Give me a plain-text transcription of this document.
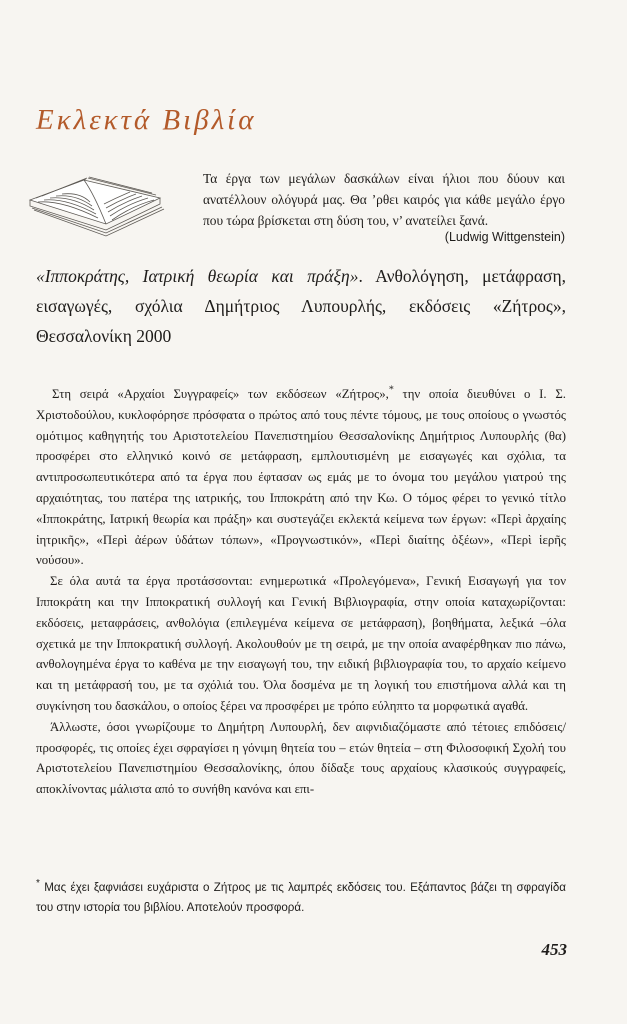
Εκλεκτά Βιβλία

Τα έργα των μεγάλων δασκάλων είναι ήλιοι που δύουν και ανατέλλουν ολόγυρά μας. Θα ’ρθει καιρός για κάθε μεγάλο έργο που τώρα βρίσκεται στη δύση του, ν’ ανατείλει ξανά.

(Ludwig Wittgenstein)

«Ιπποκράτης, Ιατρική θεωρία και πράξη». Ανθολόγηση, μετάφραση, εισαγωγές, σχόλια Δημήτριος Λυπουρλής, εκδόσεις «Ζήτρος», Θεσσαλονίκη 2000

Στη σειρά «Αρχαίοι Συγγραφείς» των εκδόσεων «Ζήτρος»,* την οποία διευθύνει ο Ι. Σ. Χριστοδούλου, κυκλοφόρησε πρόσφατα ο πρώτος από τους πέντε τόμους, με τους οποίους ο γνωστός ομότιμος καθηγητής του Αριστοτελείου Πανεπιστημίου Θεσσαλονίκης Δημήτριος Λυπουρλής (θα) προσφέρει στο ελληνικό κοινό σε μετάφραση, εμπλουτισμένη με εισαγωγές και σχόλια, τα αντιπροσωπευτικότερα από τα έργα που έφτασαν ως εμάς με το όνομα του μεγάλου γιατρού της αρχαιότητας, του πατέρα της ιατρικής, του Ιπποκράτη από την Κω. Ο τόμος φέρει το γενικό τίτλο «Ιπποκράτης, Ιατρική θεωρία και πράξη» και συστεγάζει εκλεκτά κείμενα των έργων: «Περὶ ἀρχαίης ἰητρικῆς», «Περὶ ἀέρων ὑδάτων τόπων», «Προγνωστικόν», «Περὶ διαίτης ὀξέων», «Περὶ ἱερῆς νούσου».

Σε όλα αυτά τα έργα προτάσσονται: ενημερωτικά «Προλεγόμενα», Γενική Εισαγωγή για τον Ιπποκράτη και την Ιπποκρατική συλλογή και Γενική Βιβλιογραφία, στην οποία καταχωρίζονται: εκδόσεις, μεταφράσεις, ανθολόγια (επιλεγμένα κείμενα σε μετάφραση), βοηθήματα, λεξικά –όλα σχετικά με την Ιπποκρατική συλλογή. Ακολουθούν με τη σειρά, με την οποία αναφέρθηκαν πιο πάνω, ανθολογημένα έργα το καθένα με την εισαγωγή του, την ειδική βιβλιογραφία του, το αρχαίο κείμενο και τη μετάφρασή του, με τα σχόλιά του. Όλα δοσμένα με τη λογική του επιστήμονα αλλά και τη συγκίνηση του δασκάλου, ο οποίος ξέρει να προσφέρει με τρόπο εύληπτο τα μορφωτικά αγαθά.

Άλλωστε, όσοι γνωρίζουμε το Δημήτρη Λυπουρλή, δεν αιφνιδιαζόμαστε από τέτοιες επιδόσεις/προσφορές, τις οποίες έχει σφραγίσει η γόνιμη θητεία του – ετών θητεία – στη Φιλοσοφική Σχολή του Αριστοτελείου Πανεπιστημίου Θεσσαλονίκης, όπου δίδαξε τους αρχαίους κλασικούς συγγραφείς, αποκλίνοντας μάλιστα από το συνήθη κανόνα και επι-

* Μας έχει ξαφνιάσει ευχάριστα ο Ζήτρος με τις λαμπρές εκδόσεις του. Εξάπαντος βάζει τη σφραγίδα του στην ιστορία του βιβλίου. Αποτελούν προσφορά.

453
